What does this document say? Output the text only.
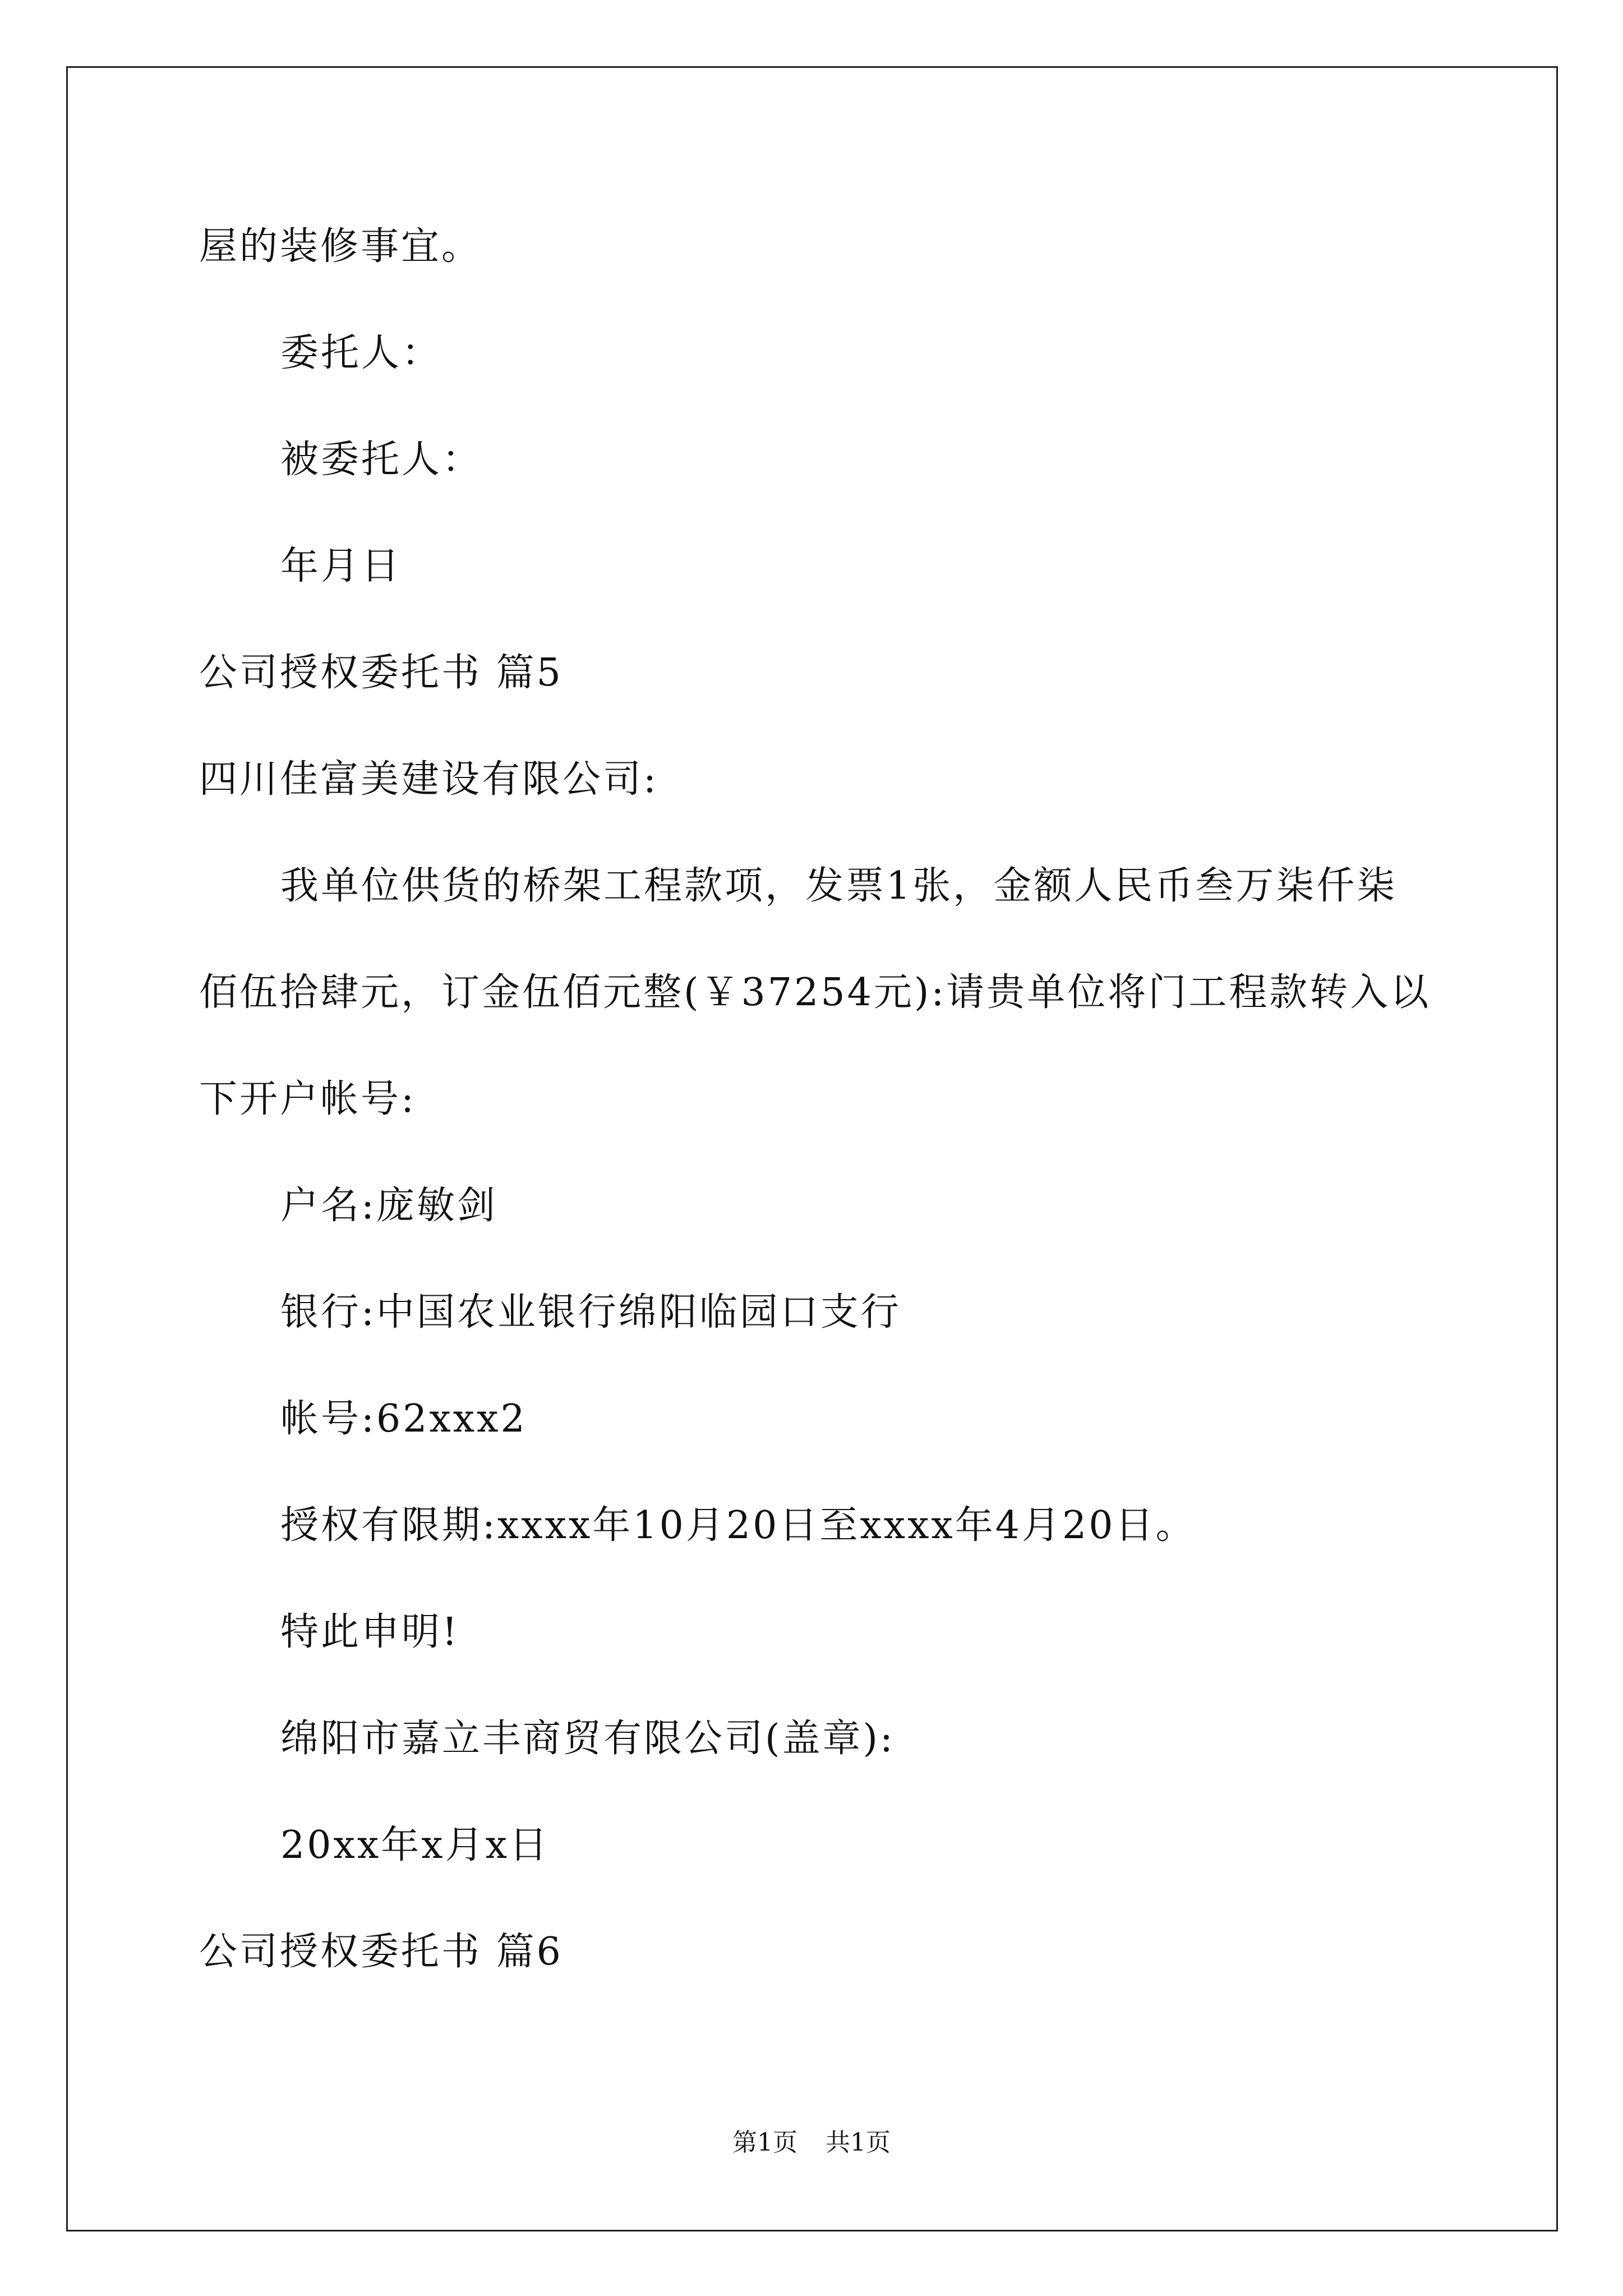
屋的装修事宜。
委托人：
被委托人：
年月日
公司授权委托书 篇5
四川佳富美建设有限公司:
我单位供货的桥架工程款项，发票1张，金额人民币叁万柒仟柒
佰伍拾肆元，订金伍佰元整(￥37254元):请贵单位将门工程款转入以
下开户帐号:
户名:庞敏剑
银行:中国农业银行绵阳临园口支行
帐号:62xxx2
授权有限期:xxxx年10月20日至xxxx年4月20日。
特此申明!
绵阳市嘉立丰商贸有限公司(盖章):
20xx年x月x日
公司授权委托书 篇6
第1页 共1页
